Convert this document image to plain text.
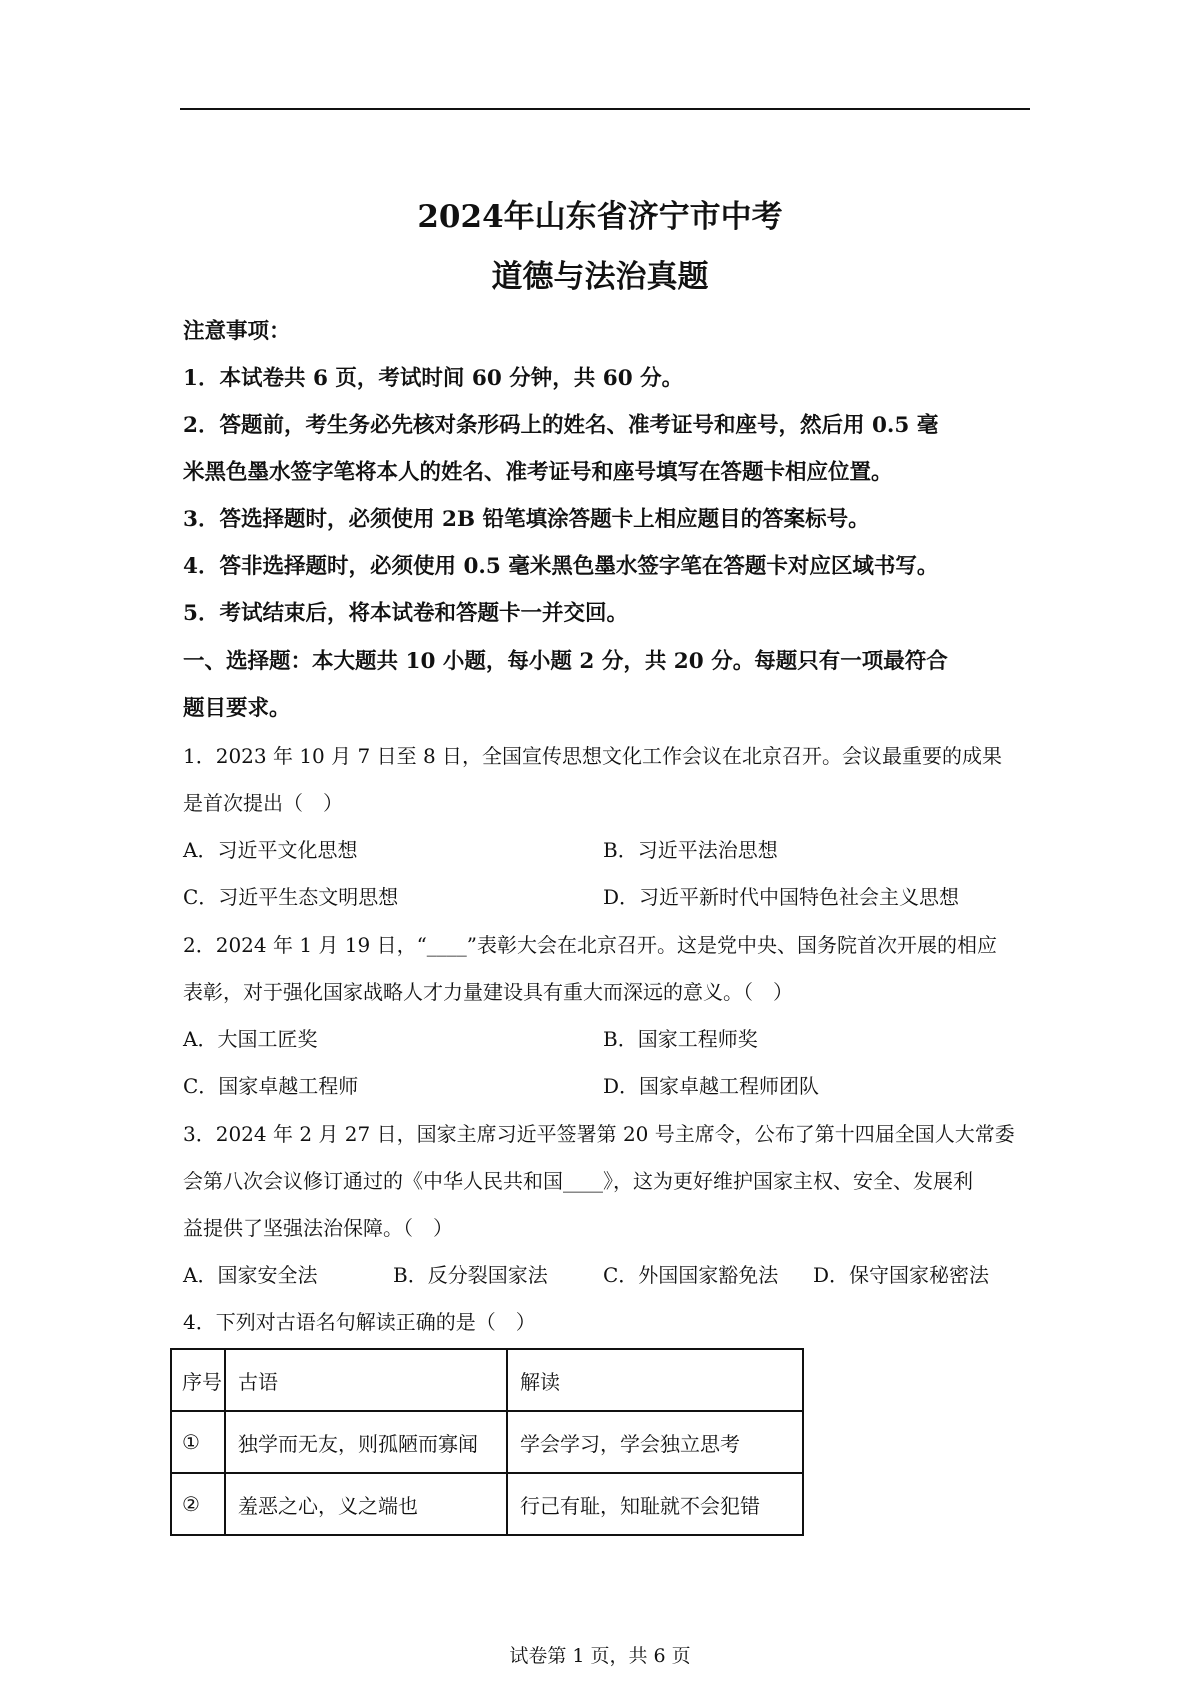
2024年山东省济宁市中考
道德与法治真题
注意事项：
1．本试卷共 6 页，考试时间 60 分钟，共 60 分。
2．答题前，考生务必先核对条形码上的姓名、准考证号和座号，然后用 0.5 毫
米黑色墨水签字笔将本人的姓名、准考证号和座号填写在答题卡相应位置。
3．答选择题时，必须使用 2B 铅笔填涂答题卡上相应题目的答案标号。
4．答非选择题时，必须使用 0.5 毫米黑色墨水签字笔在答题卡对应区域书写。
5．考试结束后，将本试卷和答题卡一并交回。
一、选择题：本大题共 10 小题，每小题 2 分，共 20 分。每题只有一项最符合
题目要求。
1．2023 年 10 月 7 日至 8 日，全国宣传思想文化工作会议在北京召开。会议最重要的成果
是首次提出（　）
A．习近平文化思想	B．习近平法治思想
C．习近平生态文明思想	D．习近平新时代中国特色社会主义思想
2．2024 年 1 月 19 日，“____”表彰大会在北京召开。这是党中央、国务院首次开展的相应
表彰，对于强化国家战略人才力量建设具有重大而深远的意义。（　）
A．大国工匠奖	B．国家工程师奖
C．国家卓越工程师	D．国家卓越工程师团队
3．2024 年 2 月 27 日，国家主席习近平签署第 20 号主席令，公布了第十四届全国人大常委
会第八次会议修订通过的《中华人民共和国____》，这为更好维护国家主权、安全、发展利
益提供了坚强法治保障。（　）
A．国家安全法	B．反分裂国家法	C．外国国家豁免法 D．保守国家秘密法
4．下列对古语名句解读正确的是（　）
序号	古语	解读
①	独学而无友，则孤陋而寡闻	学会学习，学会独立思考
②	羞恶之心，义之端也	行己有耻，知耻就不会犯错
试卷第 1 页，共 6 页
